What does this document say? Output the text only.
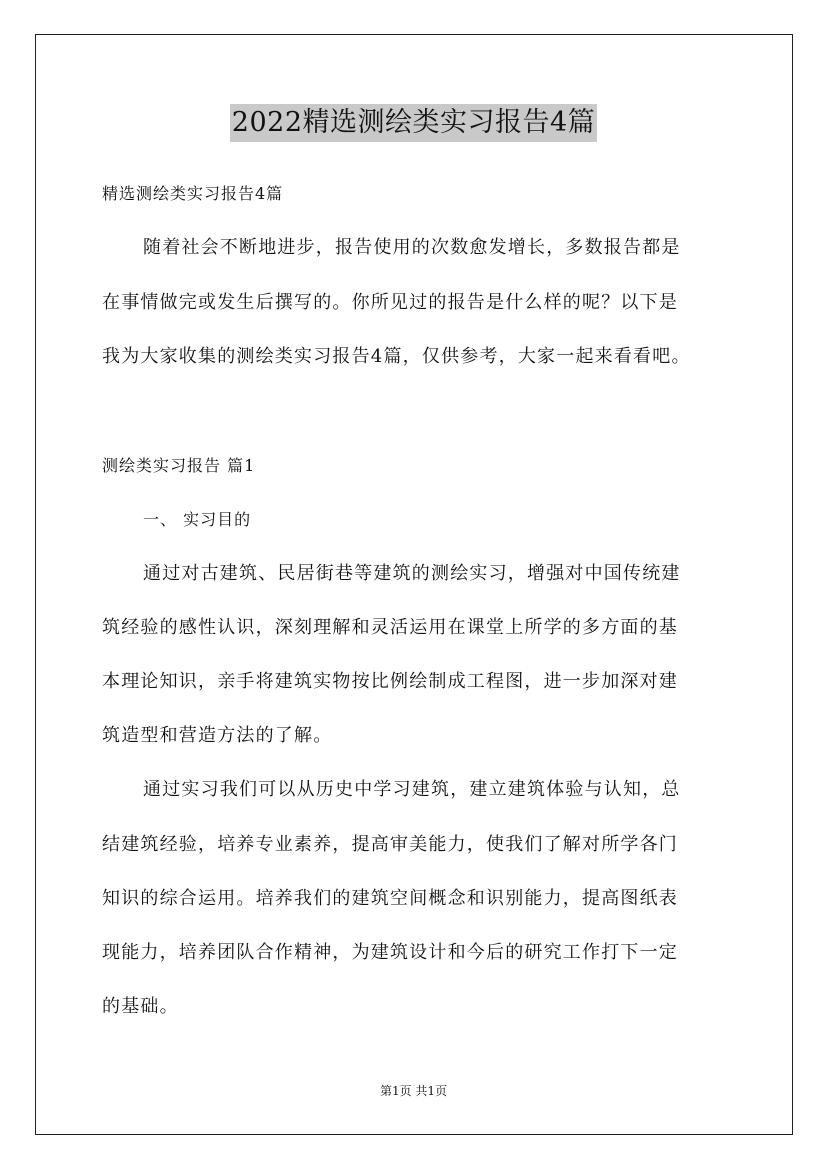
2022精选测绘类实习报告4篇
精选测绘类实习报告4篇
随着社会不断地进步，报告使用的次数愈发增长，多数报告都是
在事情做完或发生后撰写的。你所见过的报告是什么样的呢？以下是
我为大家收集的测绘类实习报告4篇，仅供参考，大家一起来看看吧。
测绘类实习报告 篇1
一、 实习目的
通过对古建筑、民居街巷等建筑的测绘实习，增强对中国传统建
筑经验的感性认识，深刻理解和灵活运用在课堂上所学的多方面的基
本理论知识，亲手将建筑实物按比例绘制成工程图，进一步加深对建
筑造型和营造方法的了解。
通过实习我们可以从历史中学习建筑，建立建筑体验与认知，总
结建筑经验，培养专业素养，提高审美能力，使我们了解对所学各门
知识的综合运用。培养我们的建筑空间概念和识别能力，提高图纸表
现能力，培养团队合作精神，为建筑设计和今后的研究工作打下一定
的基础。
第1页 共1页
